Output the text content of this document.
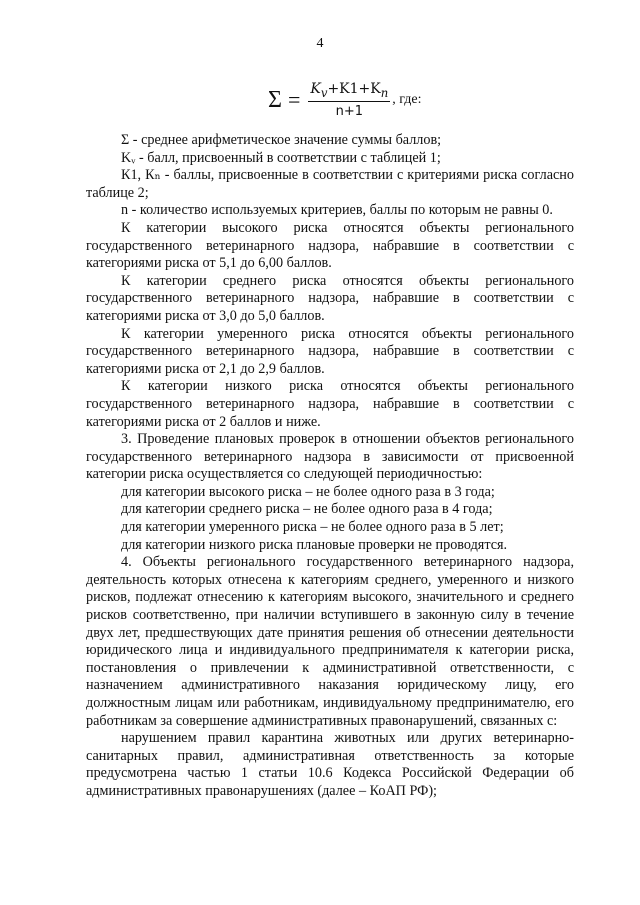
4
$\Sigma = \frac{K_v+K1+K_n}{n+1}$ , где:

Σ - среднее арифметическое значение суммы баллов;

Kᵥ - балл, присвоенный в соответствии с таблицей 1;

К1, Кₙ - баллы, присвоенные в соответствии с критериями риска согласно таблице 2;

n - количество используемых критериев, баллы по которым не равны 0.

К категории высокого риска относятся объекты регионального государственного ветеринарного надзора, набравшие в соответствии с категориями риска от 5,1 до 6,00 баллов.

К категории среднего риска относятся объекты регионального государственного ветеринарного надзора, набравшие в соответствии с категориями риска от 3,0 до 5,0 баллов.

К категории умеренного риска относятся объекты регионального государственного ветеринарного надзора, набравшие в соответствии с категориями риска от 2,1 до 2,9 баллов.

К категории низкого риска относятся объекты регионального государственного ветеринарного надзора, набравшие в соответствии с категориями риска от 2 баллов и ниже.

3. Проведение плановых проверок в отношении объектов регионального государственного ветеринарного надзора в зависимости от присвоенной категории риска осуществляется со следующей периодичностью:

для категории высокого риска – не более одного раза в 3 года;

для категории среднего риска – не более одного раза в 4 года;

для категории умеренного риска – не более одного раза в 5 лет;

для категории низкого риска плановые проверки не проводятся.

4. Объекты регионального государственного ветеринарного надзора, деятельность которых отнесена к категориям среднего, умеренного и низкого рисков, подлежат отнесению к категориям высокого, значительного и среднего рисков соответственно, при наличии вступившего в законную силу в течение двух лет, предшествующих дате принятия решения об отнесении деятельности юридического лица и индивидуального предпринимателя к категории риска, постановления о привлечении к административной ответственности, с назначением административного наказания юридическому лицу, его должностным лицам или работникам, индивидуальному предпринимателю, его работникам за совершение административных правонарушений, связанных с:

нарушением правил карантина животных или других ветеринарно-санитарных правил, административная ответственность за которые предусмотрена частью 1 статьи 10.6 Кодекса Российской Федерации об административных правонарушениях (далее – КоАП РФ);
